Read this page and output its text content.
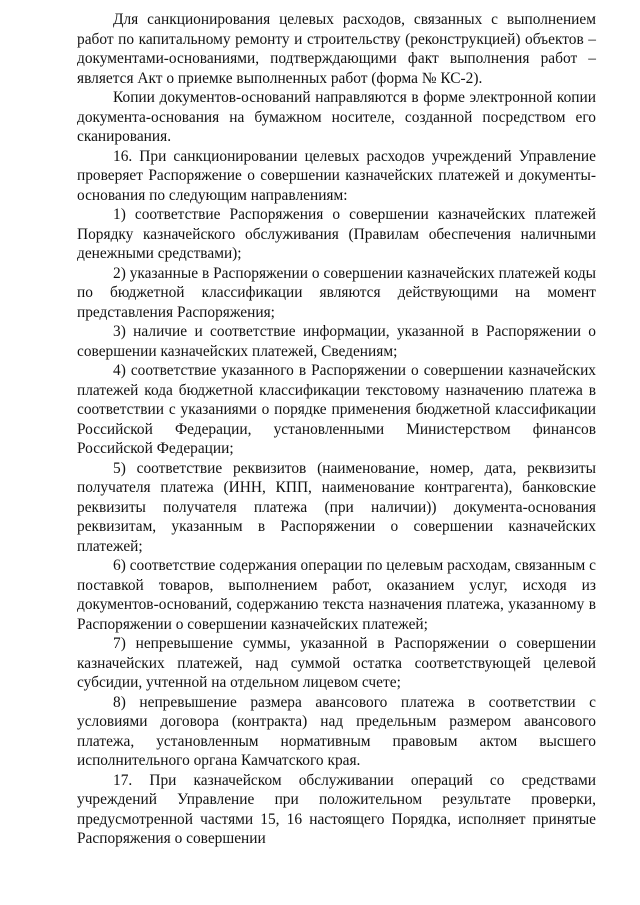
Для санкционирования целевых расходов, связанных с выполнением работ по капитальному ремонту и строительству (реконструкцией) объектов – документами-основаниями, подтверждающими факт выполнения работ – является Акт о приемке выполненных работ (форма № КС-2).

Копии документов-оснований направляются в форме электронной копии документа-основания на бумажном носителе, созданной посредством его сканирования.

16. При санкционировании целевых расходов учреждений Управление проверяет Распоряжение о совершении казначейских платежей и документы-основания по следующим направлениям:

1) соответствие Распоряжения о совершении казначейских платежей Порядку казначейского обслуживания (Правилам обеспечения наличными денежными средствами);

2) указанные в Распоряжении о совершении казначейских платежей коды по бюджетной классификации являются действующими на момент представления Распоряжения;

3) наличие и соответствие информации, указанной в Распоряжении о совершении казначейских платежей, Сведениям;

4) соответствие указанного в Распоряжении о совершении казначейских платежей кода бюджетной классификации текстовому назначению платежа в соответствии с указаниями о порядке применения бюджетной классификации Российской Федерации, установленными Министерством финансов Российской Федерации;

5) соответствие реквизитов (наименование, номер, дата, реквизиты получателя платежа (ИНН, КПП, наименование контрагента), банковские реквизиты получателя платежа (при наличии)) документа-основания реквизитам, указанным в Распоряжении о совершении казначейских платежей;

6) соответствие содержания операции по целевым расходам, связанным с поставкой товаров, выполнением работ, оказанием услуг, исходя из документов-оснований, содержанию текста назначения платежа, указанному в Распоряжении о совершении казначейских платежей;

7) непревышение суммы, указанной в Распоряжении о совершении казначейских платежей, над суммой остатка соответствующей целевой субсидии, учтенной на отдельном лицевом счете;

8) непревышение размера авансового платежа в соответствии с условиями договора (контракта) над предельным размером авансового платежа, установленным нормативным правовым актом высшего исполнительного органа Камчатского края.

17. При казначейском обслуживании операций со средствами учреждений Управление при положительном результате проверки, предусмотренной частями 15, 16 настоящего Порядка, исполняет принятые Распоряжения о совершении
